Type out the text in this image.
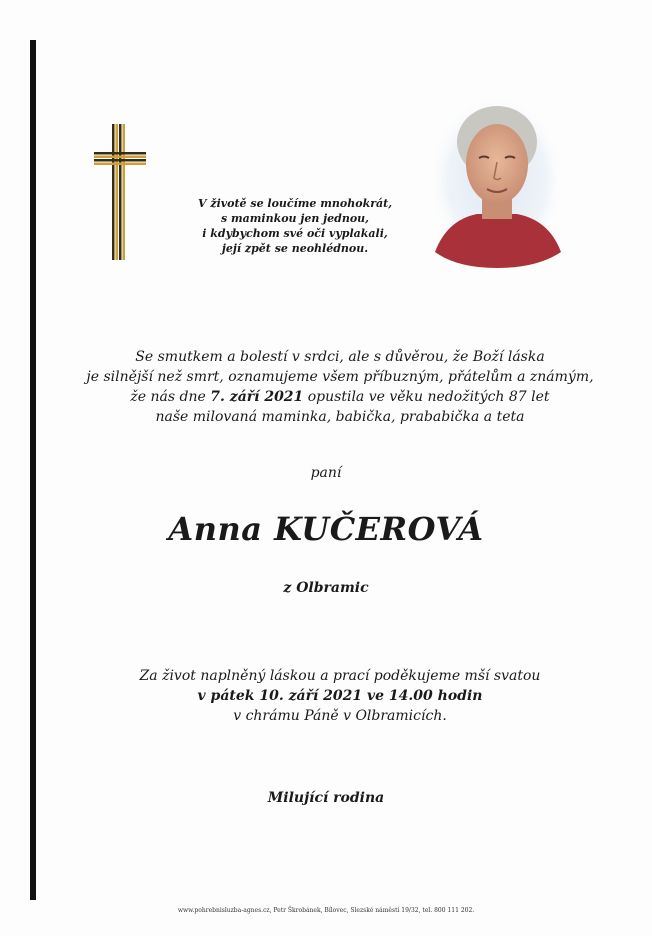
V životě se loučíme mnohokrát,
s maminkou jen jednou,
i kdybychom své oči vyplakali,
její zpět se neohlédnou.
Se smutkem a bolestí v srdci, ale s důvěrou, že Boží láska
je silnější než smrt, oznamujeme všem příbuzným, přátelům a známým,
že nás dne 7. září 2021 opustila ve věku nedožitých 87 let
naše milovaná maminka, babička, prababička a teta
paní
Anna KUČEROVÁ
z Olbramic
Za život naplněný láskou a prací poděkujeme mší svatou
v pátek 10. září 2021 ve 14.00 hodin
v chrámu Páně v Olbramicích.
Milující rodina
www.pohrebnisluzba-agnes.cz, Petr Škrobánek, Bílovec, Slezské náměstí 19/32, tel. 800 111 202.
